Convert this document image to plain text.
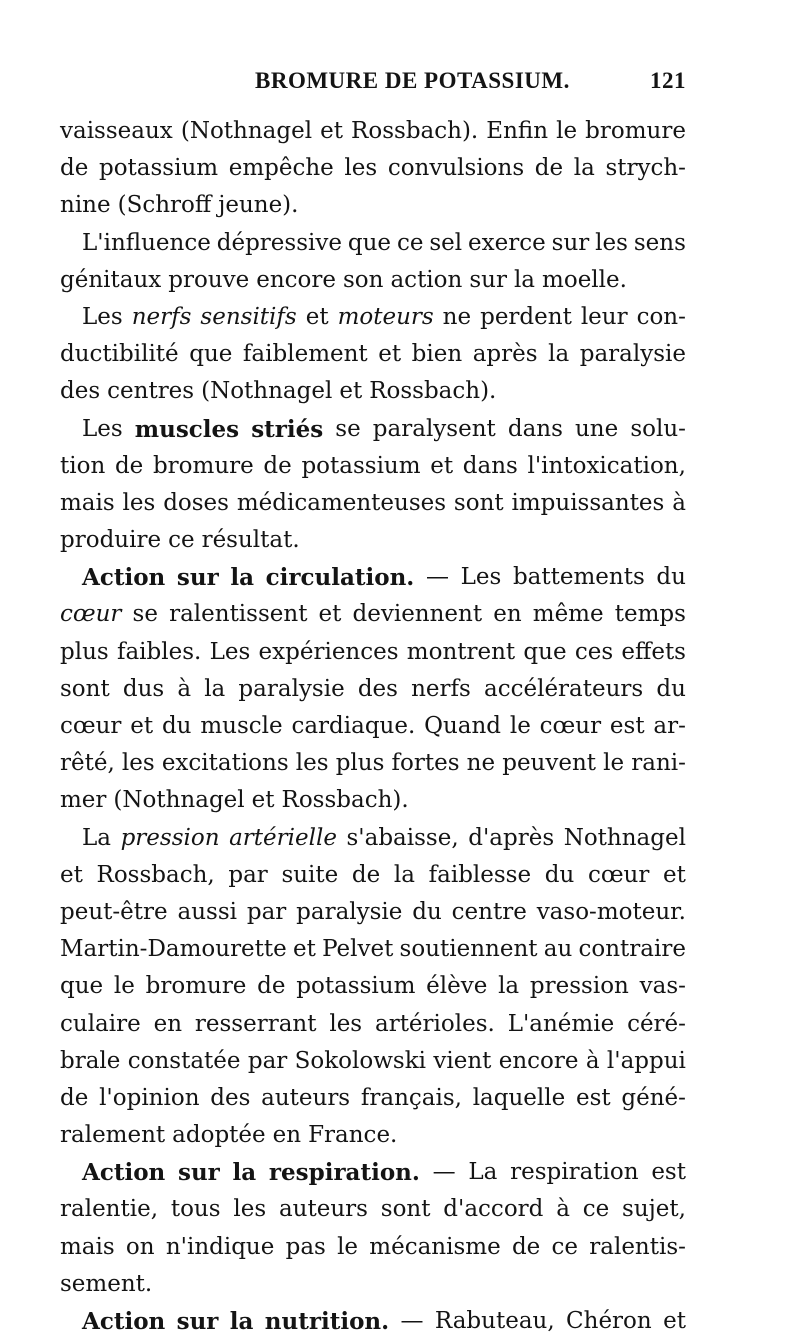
BROMURE DE POTASSIUM.	121
vaisseaux (Nothnagel et Rossbach). Enfin le bromure
de potassium empêche les convulsions de la strych-
nine (Schroff jeune).
L'influence dépressive que ce sel exerce sur les sens
génitaux prouve encore son action sur la moelle.
Les nerfs sensitifs et moteurs ne perdent leur con-
ductibilité que faiblement et bien après la paralysie
des centres (Nothnagel et Rossbach).
Les muscles striés se paralysent dans une solu-
tion de bromure de potassium et dans l'intoxication,
mais les doses médicamenteuses sont impuissantes à
produire ce résultat.
Action sur la circulation. — Les battements du
cœur se ralentissent et deviennent en même temps
plus faibles. Les expériences montrent que ces effets
sont dus à la paralysie des nerfs accélérateurs du
cœur et du muscle cardiaque. Quand le cœur est ar-
rêté, les excitations les plus fortes ne peuvent le rani-
mer (Nothnagel et Rossbach).
La pression artérielle s'abaisse, d'après Nothnagel
et Rossbach, par suite de la faiblesse du cœur et
peut-être aussi par paralysie du centre vaso-moteur.
Martin-Damourette et Pelvet soutiennent au contraire
que le bromure de potassium élève la pression vas-
culaire en resserrant les artérioles. L'anémie céré-
brale constatée par Sokolowski vient encore à l'appui
de l'opinion des auteurs français, laquelle est géné-
ralement adoptée en France.
Action sur la respiration. — La respiration est
ralentie, tous les auteurs sont d'accord à ce sujet,
mais on n'indique pas le mécanisme de ce ralentis-
sement.
Action sur la nutrition. — Rabuteau, Chéron et
